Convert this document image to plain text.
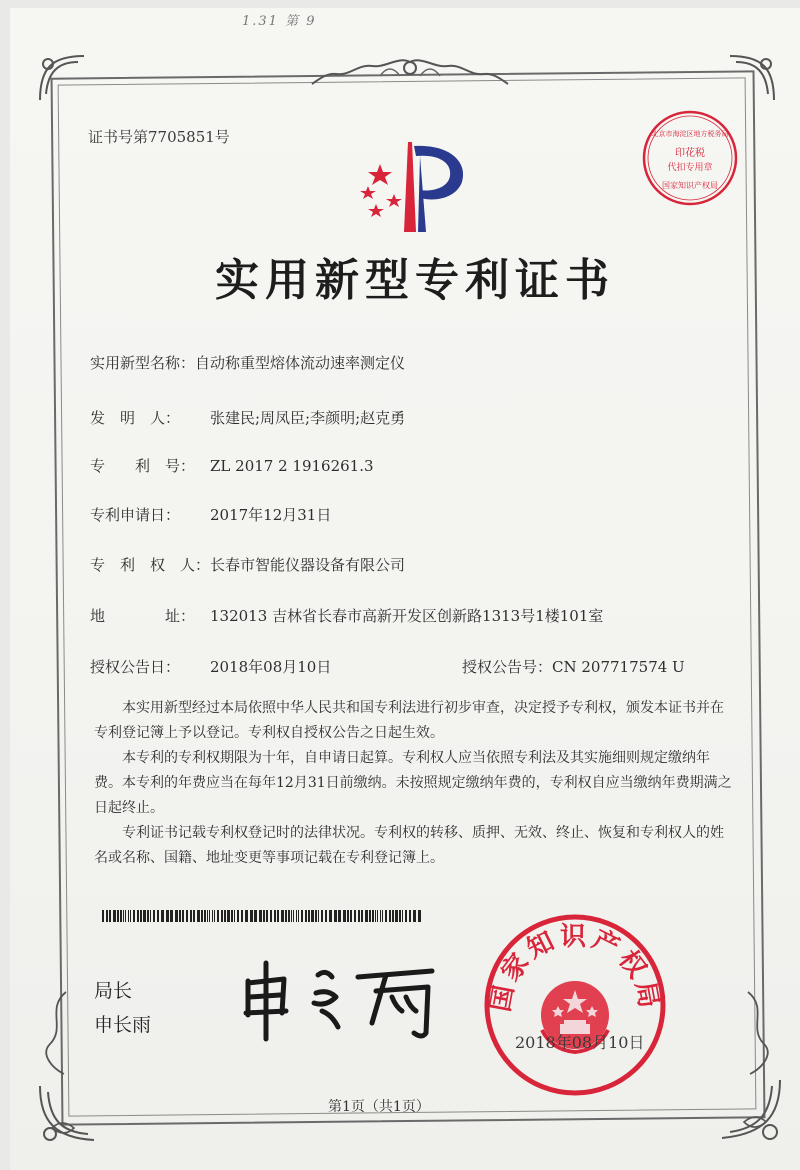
1.31 第 9
证书号第7705851号
印花税
代扣专用章
北京市海淀区地方税务局
国家知识产权局
实用新型专利证书
实用新型名称：自动称重型熔体流动速率测定仪
发　明　人： 张建民;周凤臣;李颜明;赵克勇
专　　利　号： ZL 2017 2 1916261.3
专利申请日： 2017年12月31日
专　利　权　人：长春市智能仪器设备有限公司
地　　　　址： 132013 吉林省长春市高新开发区创新路1313号1楼101室
授权公告日： 2018年08月10日	授权公告号：CN 207717574 U

本实用新型经过本局依照中华人民共和国专利法进行初步审查，决定授予专利权，颁发本证书并在专利登记簿上予以登记。专利权自授权公告之日起生效。

本专利的专利权期限为十年，自申请日起算。专利权人应当依照专利法及其实施细则规定缴纳年费。本专利的年费应当在每年12月31日前缴纳。未按照规定缴纳年费的，专利权自应当缴纳年费期满之日起终止。

专利证书记载专利权登记时的法律状况。专利权的转移、质押、无效、终止、恢复和专利权人的姓名或名称、国籍、地址变更等事项记载在专利登记簿上。

局长
申长雨
国家知识产权局
2018年08月10日
第1页（共1页）
